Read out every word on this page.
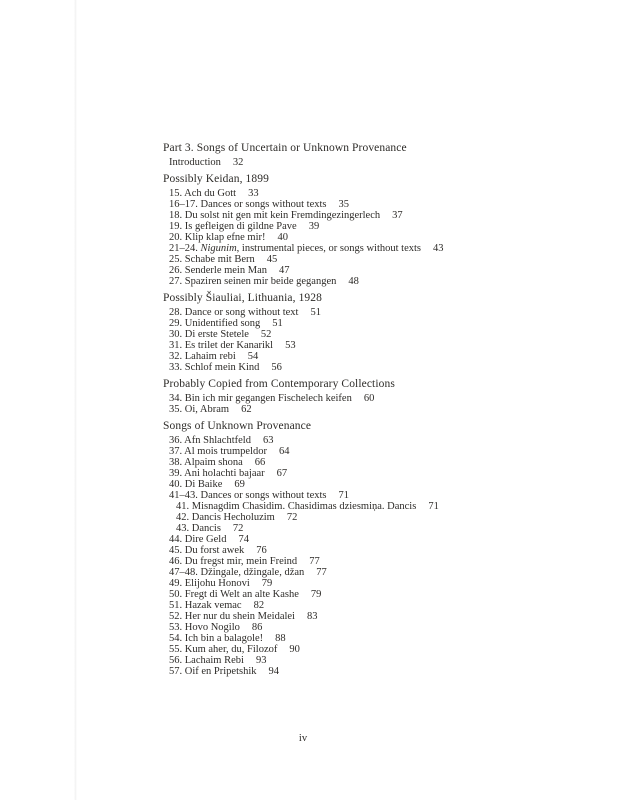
Part 3. Songs of Uncertain or Unknown Provenance
Introduction 32
Possibly Keidan, 1899
15. Ach du Gott 33
16–17. Dances or songs without texts 35
18. Du solst nit gen mit kein Fremdingezingerlech 37
19. Is gefleigen di gildne Pave 39
20. Klip klap efne mir! 40
21–24. Nigunim, instrumental pieces, or songs without texts 43
25. Schabe mit Bern 45
26. Senderle mein Man 47
27. Spaziren seinen mir beide gegangen 48
Possibly Šiauliai, Lithuania, 1928
28. Dance or song without text 51
29. Unidentified song 51
30. Di erste Stetele 52
31. Es trilet der Kanarikl 53
32. Lahaim rebi 54
33. Schlof mein Kind 56
Probably Copied from Contemporary Collections
34. Bin ich mir gegangen Fischelech keifen 60
35. Oi, Abram 62
Songs of Unknown Provenance
36. Afn Shlachtfeld 63
37. Al mois trumpeldor 64
38. Alpaim shona 66
39. Ani holachti bajaar 67
40. Di Baike 69
41–43. Dances or songs without texts 71
41. Misnagdim Chasidim. Chasidimas dziesmiņa. Dancis 71
42. Dancis Hecholuzim 72
43. Dancis 72
44. Dire Geld 74
45. Du forst awek 76
46. Du fregst mir, mein Freind 77
47–48. Džingale, džingale, džan 77
49. Elijohu Honovi 79
50. Fregt di Welt an alte Kashe 79
51. Hazak vemac 82
52. Her nur du shein Meidalei 83
53. Hovo Nogilo 86
54. Ich bin a balagole! 88
55. Kum aher, du, Filozof 90
56. Lachaim Rebi 93
57. Oif en Pripetshik 94
iv
